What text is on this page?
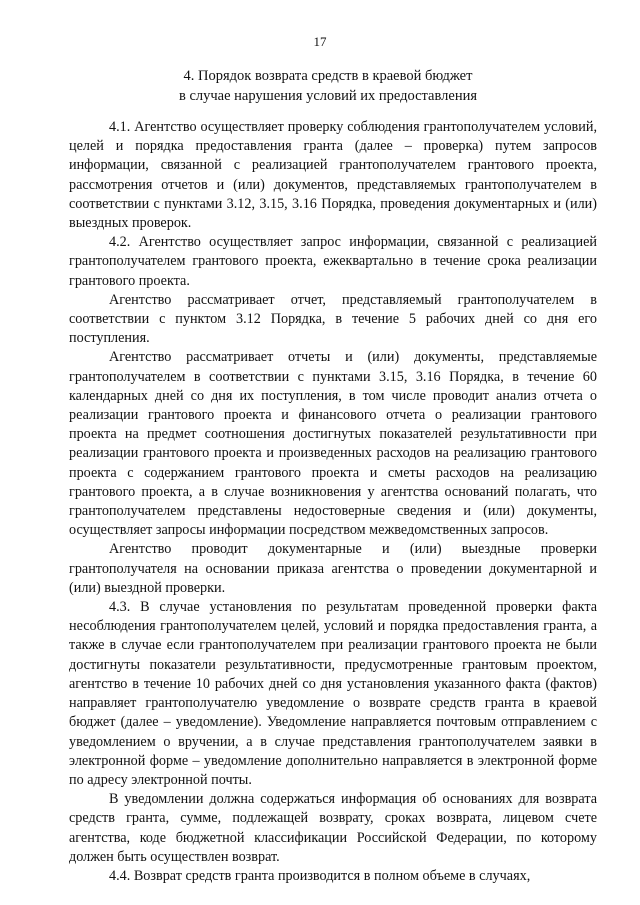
17
4. Порядок возврата средств в краевой бюджет
в случае нарушения условий их предоставления

4.1. Агентство осуществляет проверку соблюдения грантополучателем условий, целей и порядка предоставления гранта (далее – проверка) путем запросов информации, связанной с реализацией грантополучателем грантового проекта, рассмотрения отчетов и (или) документов, представляемых грантополучателем в соответствии с пунктами 3.12, 3.15, 3.16 Порядка, проведения документарных и (или) выездных проверок.

4.2. Агентство осуществляет запрос информации, связанной с реализацией грантополучателем грантового проекта, ежеквартально в течение срока реализации грантового проекта.

Агентство рассматривает отчет, представляемый грантополучателем в соответствии с пунктом 3.12 Порядка, в течение 5 рабочих дней со дня его поступления.

Агентство рассматривает отчеты и (или) документы, представляемые грантополучателем в соответствии с пунктами 3.15, 3.16 Порядка, в течение 60 календарных дней со дня их поступления, в том числе проводит анализ отчета о реализации грантового проекта и финансового отчета о реализации грантового проекта на предмет соотношения достигнутых показателей результативности при реализации грантового проекта и произведенных расходов на реализацию грантового проекта с содержанием грантового проекта и сметы расходов на реализацию грантового проекта, а в случае возникновения у агентства оснований полагать, что грантополучателем представлены недостоверные сведения и (или) документы, осуществляет запросы информации посредством межведомственных запросов.

Агентство проводит документарные и (или) выездные проверки грантополучателя на основании приказа агентства о проведении документарной и (или) выездной проверки.

4.3. В случае установления по результатам проведенной проверки факта несоблюдения грантополучателем целей, условий и порядка предоставления гранта, а также в случае если грантополучателем при реализации грантового проекта не были достигнуты показатели результативности, предусмотренные грантовым проектом, агентство в течение 10 рабочих дней со дня установления указанного факта (фактов) направляет грантополучателю уведомление о возврате средств гранта в краевой бюджет (далее – уведомление). Уведомление направляется почтовым отправлением с уведомлением о вручении, а в случае представления грантополучателем заявки в электронной форме – уведомление дополнительно направляется в электронной форме по адресу электронной почты.

В уведомлении должна содержаться информация об основаниях для возврата средств гранта, сумме, подлежащей возврату, сроках возврата, лицевом счете агентства, коде бюджетной классификации Российской Федерации, по которому должен быть осуществлен возврат.

4.4. Возврат средств гранта производится в полном объеме в случаях,
